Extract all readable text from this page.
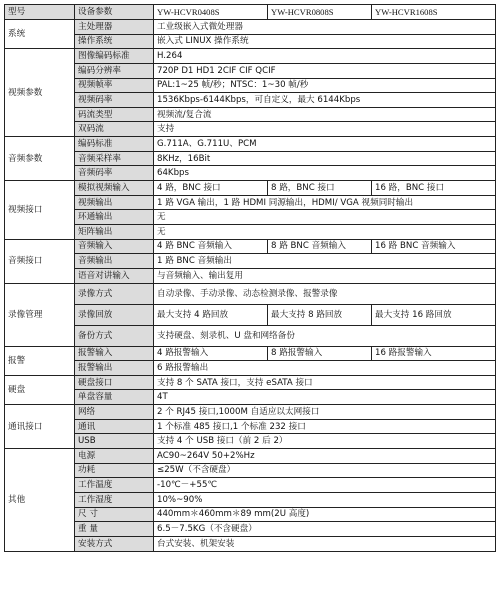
型号	设备参数	YW-HCVR0408S	YW-HCVR0808S	YW-HCVR1608S
系统	主处理器	工业级嵌入式微处理器		
	操作系统	嵌入式 LINUX 操作系统		
视频参数	图像编码标准	H.264		
	编码分辨率	720P D1 HD1 2CIF CIF QCIF		
	视频帧率	PAL:1~25 帧/秒；NTSC：1~30 帧/秒		
	视频码率	1536Kbps-6144Kbps，可自定义，最大 6144Kbps		
	码流类型	视频流/复合流		
	双码流	支持		
音频参数	编码标准	G.711A、G.711U、PCM		
	音频采样率	8KHz，16Bit		
	音频码率	64Kbps		
视频接口	模拟视频输入	4 路，BNC 接口	8 路，BNC 接口	16 路，BNC 接口
	视频输出	1 路 VGA 输出，1 路 HDMI 同源输出，HDMI/ VGA 视频同时输出		
	环通输出	无		
	矩阵输出	无		
音频接口	音频输入	4 路 BNC 音频输入	8 路 BNC 音频输入	16 路 BNC 音频输入
	音频输出	1 路 BNC 音频输出		
	语音对讲输入	与音频输入、输出复用		
录像管理	录像方式	自动录像、手动录像、动态检测录像、报警录像		
	录像回放	最大支持 4 路回放	最大支持 8 路回放	最大支持 16 路回放
	备份方式	支持硬盘、刻录机、U 盘和网络备份		
报警	报警输入	4 路报警输入	8 路报警输入	16 路报警输入
	报警输出	6 路报警输出		
硬盘	硬盘接口	支持 8 个 SATA 接口，支持 eSATA 接口		
	单盘容量	4T		
通讯接口	网络	2 个 RJ45 接口,1000M 自适应以太网接口		
	通讯	1 个标准 485 接口,1 个标准 232 接口		
	USB	支持 4 个 USB 接口（前 2 后 2）		
其他	电源	AC90~264V 50+2%Hz		
	功耗	≤25W（不含硬盘）		
	工作温度	-10℃－+55℃		
	工作湿度	10%~90%		
	尺 寸	440mm＊460mm＊89 mm(2U 高度)		
	重 量	6.5－7.5KG（不含硬盘）		
	安装方式	台式安装、机架安装		
